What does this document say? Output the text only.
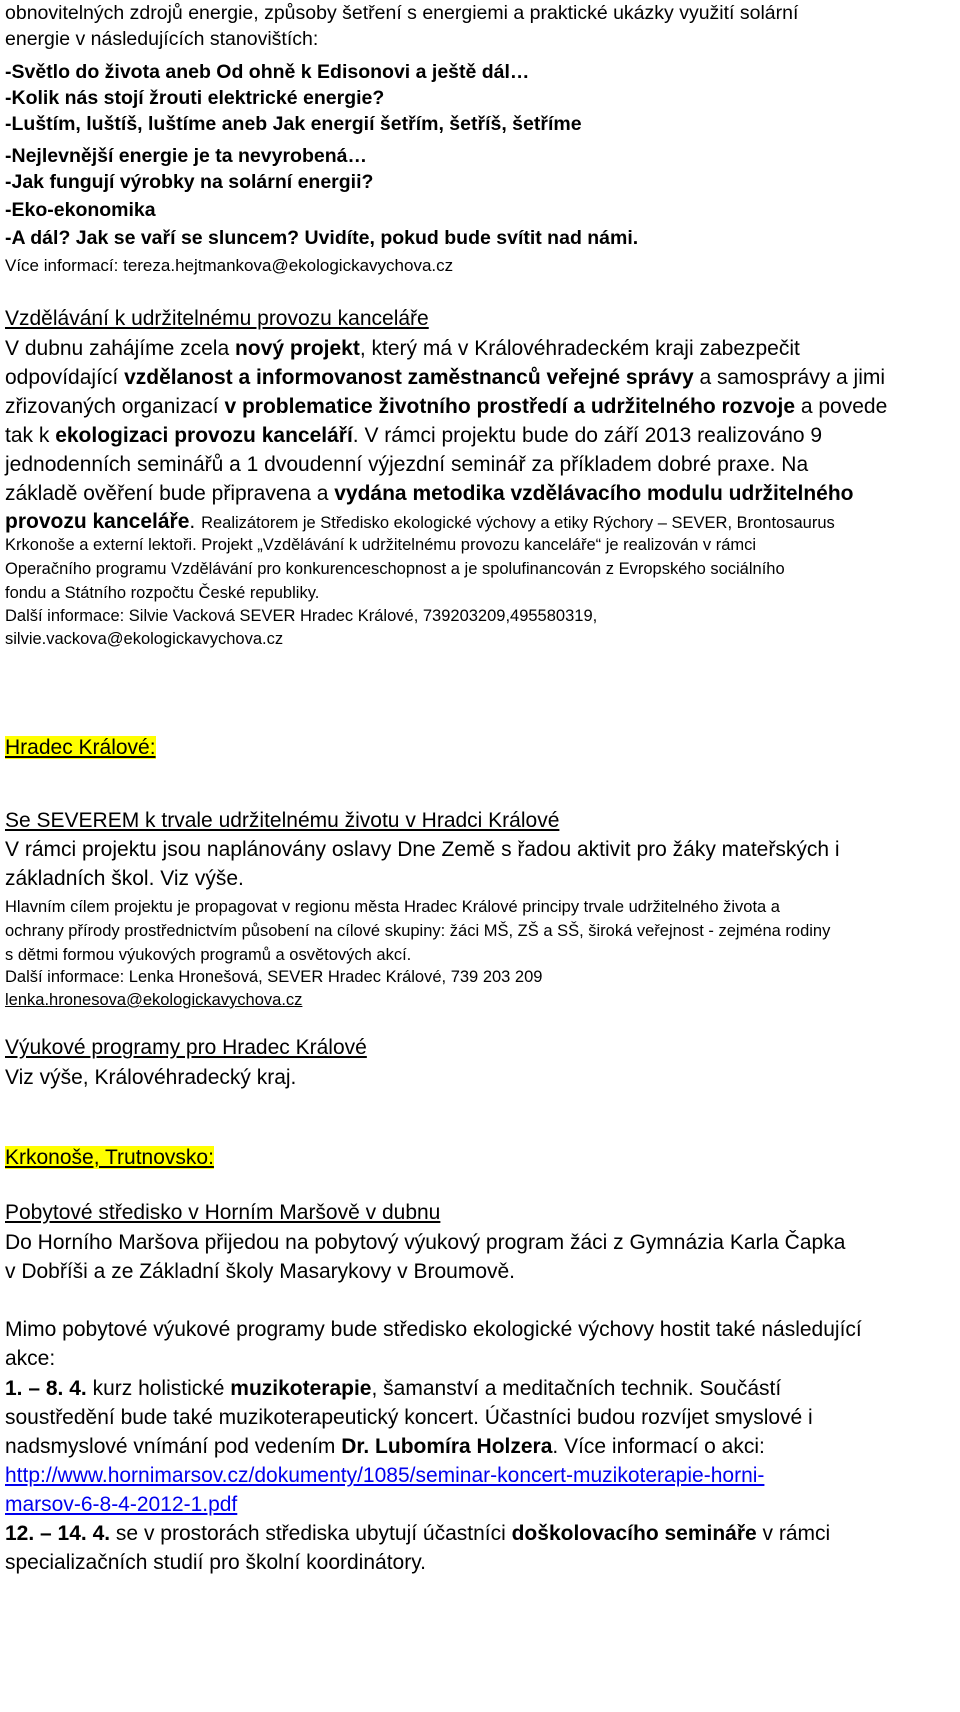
obnovitelných zdrojů energie, způsoby šetření s energiemi a praktické ukázky využití solární
energie v následujících stanovištích:
-Světlo do života aneb Od ohně k Edisonovi a ještě dál…
-Kolik nás stojí žrouti elektrické energie?
-Luštím, luštíš, luštíme aneb Jak energií šetřím, šetříš, šetříme
-Nejlevnější energie je ta nevyrobená…
-Jak fungují výrobky na solární energii?
-Eko-ekonomika
-A dál? Jak se vaří se sluncem? Uvidíte, pokud bude svítit nad námi.
Více informací: tereza.hejtmankova@ekologickavychova.cz
Vzdělávání k udržitelnému provozu kanceláře
V dubnu zahájíme zcela nový projekt, který má v Královéhradeckém kraji zabezpečit
odpovídající vzdělanost a informovanost zaměstnanců veřejné správy a samosprávy a jimi
zřizovaných organizací v problematice životního prostředí a udržitelného rozvoje a povede
tak k ekologizaci provozu kanceláří. V rámci projektu bude do září 2013 realizováno 9
jednodenních seminářů a 1 dvoudenní výjezdní seminář za příkladem dobré praxe. Na
základě ověření bude připravena a vydána metodika vzdělávacího modulu udržitelného
provozu kanceláře. Realizátorem je Středisko ekologické výchovy a etiky Rýchory – SEVER, Brontosaurus
Krkonoše a externí lektoři. Projekt „Vzdělávání k udržitelnému provozu kanceláře“ je realizován v rámci
Operačního programu Vzdělávání pro konkurenceschopnost a je spolufinancován z Evropského sociálního
fondu a Státního rozpočtu České republiky.
Další informace: Silvie Vacková SEVER Hradec Králové, 739203209,495580319,
silvie.vackova@ekologickavychova.cz
Hradec Králové:
Se SEVEREM k trvale udržitelnému životu v Hradci Králové
V rámci projektu jsou naplánovány oslavy Dne Země s řadou aktivit pro žáky mateřských i
základních škol. Viz výše.
Hlavním cílem projektu je propagovat v regionu města Hradec Králové principy trvale udržitelného života a
ochrany přírody prostřednictvím působení na cílové skupiny: žáci MŠ, ZŠ a SŠ, široká veřejnost - zejména rodiny
s dětmi formou výukových programů a osvětových akcí.
Další informace: Lenka Hronešová, SEVER Hradec Králové, 739 203 209
lenka.hronesova@ekologickavychova.cz
Výukové programy pro Hradec Králové
Viz výše, Královéhradecký kraj.
Krkonoše, Trutnovsko:
Pobytové středisko v Horním Maršově v dubnu
Do Horního Maršova přijedou na pobytový výukový program žáci z Gymnázia Karla Čapka
v Dobříši a ze Základní školy Masarykovy v Broumově.
Mimo pobytové výukové programy bude středisko ekologické výchovy hostit také následující
akce:
1. – 8. 4. kurz holistické muzikoterapie, šamanství a meditačních technik. Součástí
soustředění bude také muzikoterapeutický koncert. Účastníci budou rozvíjet smyslové i
nadsmyslové vnímání pod vedením Dr. Lubomíra Holzera. Více informací o akci:
http://www.hornimarsov.cz/dokumenty/1085/seminar-koncert-muzikoterapie-horni-
marsov-6-8-4-2012-1.pdf
12. – 14. 4. se v prostorách střediska ubytují účastníci doškolovacího semináře v rámci
specializačních studií pro školní koordinátory.
